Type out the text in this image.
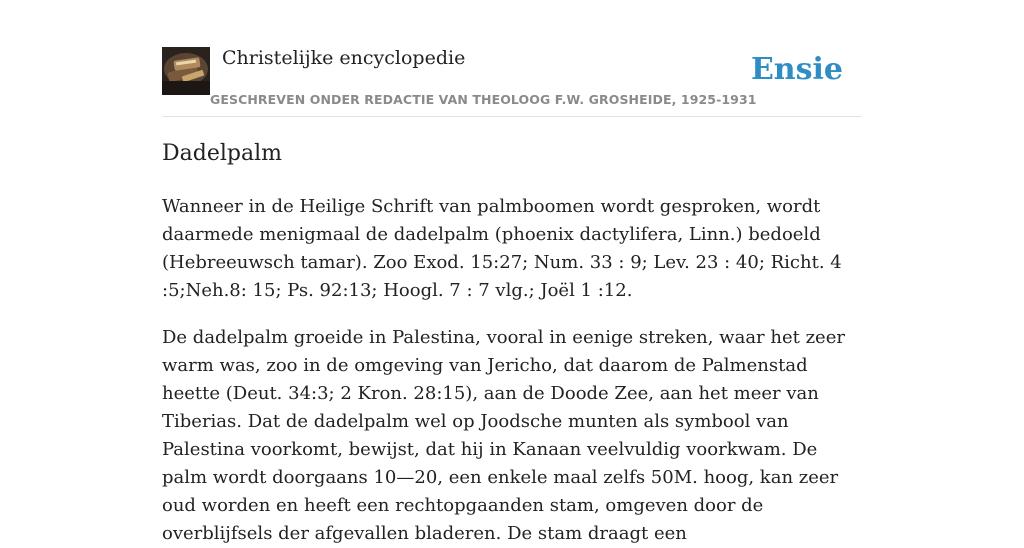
Christelijke encyclopedie
GESCHREVEN ONDER REDACTIE VAN THEOLOOG F.W. GROSHEIDE, 1925-1931
Ensie
Dadelpalm

Wanneer in de Heilige Schrift van palmboomen wordt gesproken, wordt daarmede menigmaal de dadelpalm (phoenix dactylifera, Linn.) bedoeld (Hebreeuwsch tamar). Zoo Exod. 15:27; Num. 33 : 9; Lev. 23 : 40; Richt. 4 :5;Neh.8: 15; Ps. 92:13; Hoogl. 7 : 7 vlg.; Joël 1 :12.

De dadelpalm groeide in Palestina, vooral in eenige streken, waar het zeer warm was, zoo in de omgeving van Jericho, dat daarom de Palmenstad heette (Deut. 34:3; 2 Kron. 28:15), aan de Doode Zee, aan het meer van Tiberias. Dat de dadelpalm wel op Joodsche munten als symbool van Palestina voorkomt, bewijst, dat hij in Kanaan veelvuldig voorkwam. De palm wordt doorgaans 10—20, een enkele maal zelfs 50M. hoog, kan zeer oud worden en heeft een rechtopgaanden stam, omgeven door de overblijfsels der afgevallen bladeren. De stam draagt een
